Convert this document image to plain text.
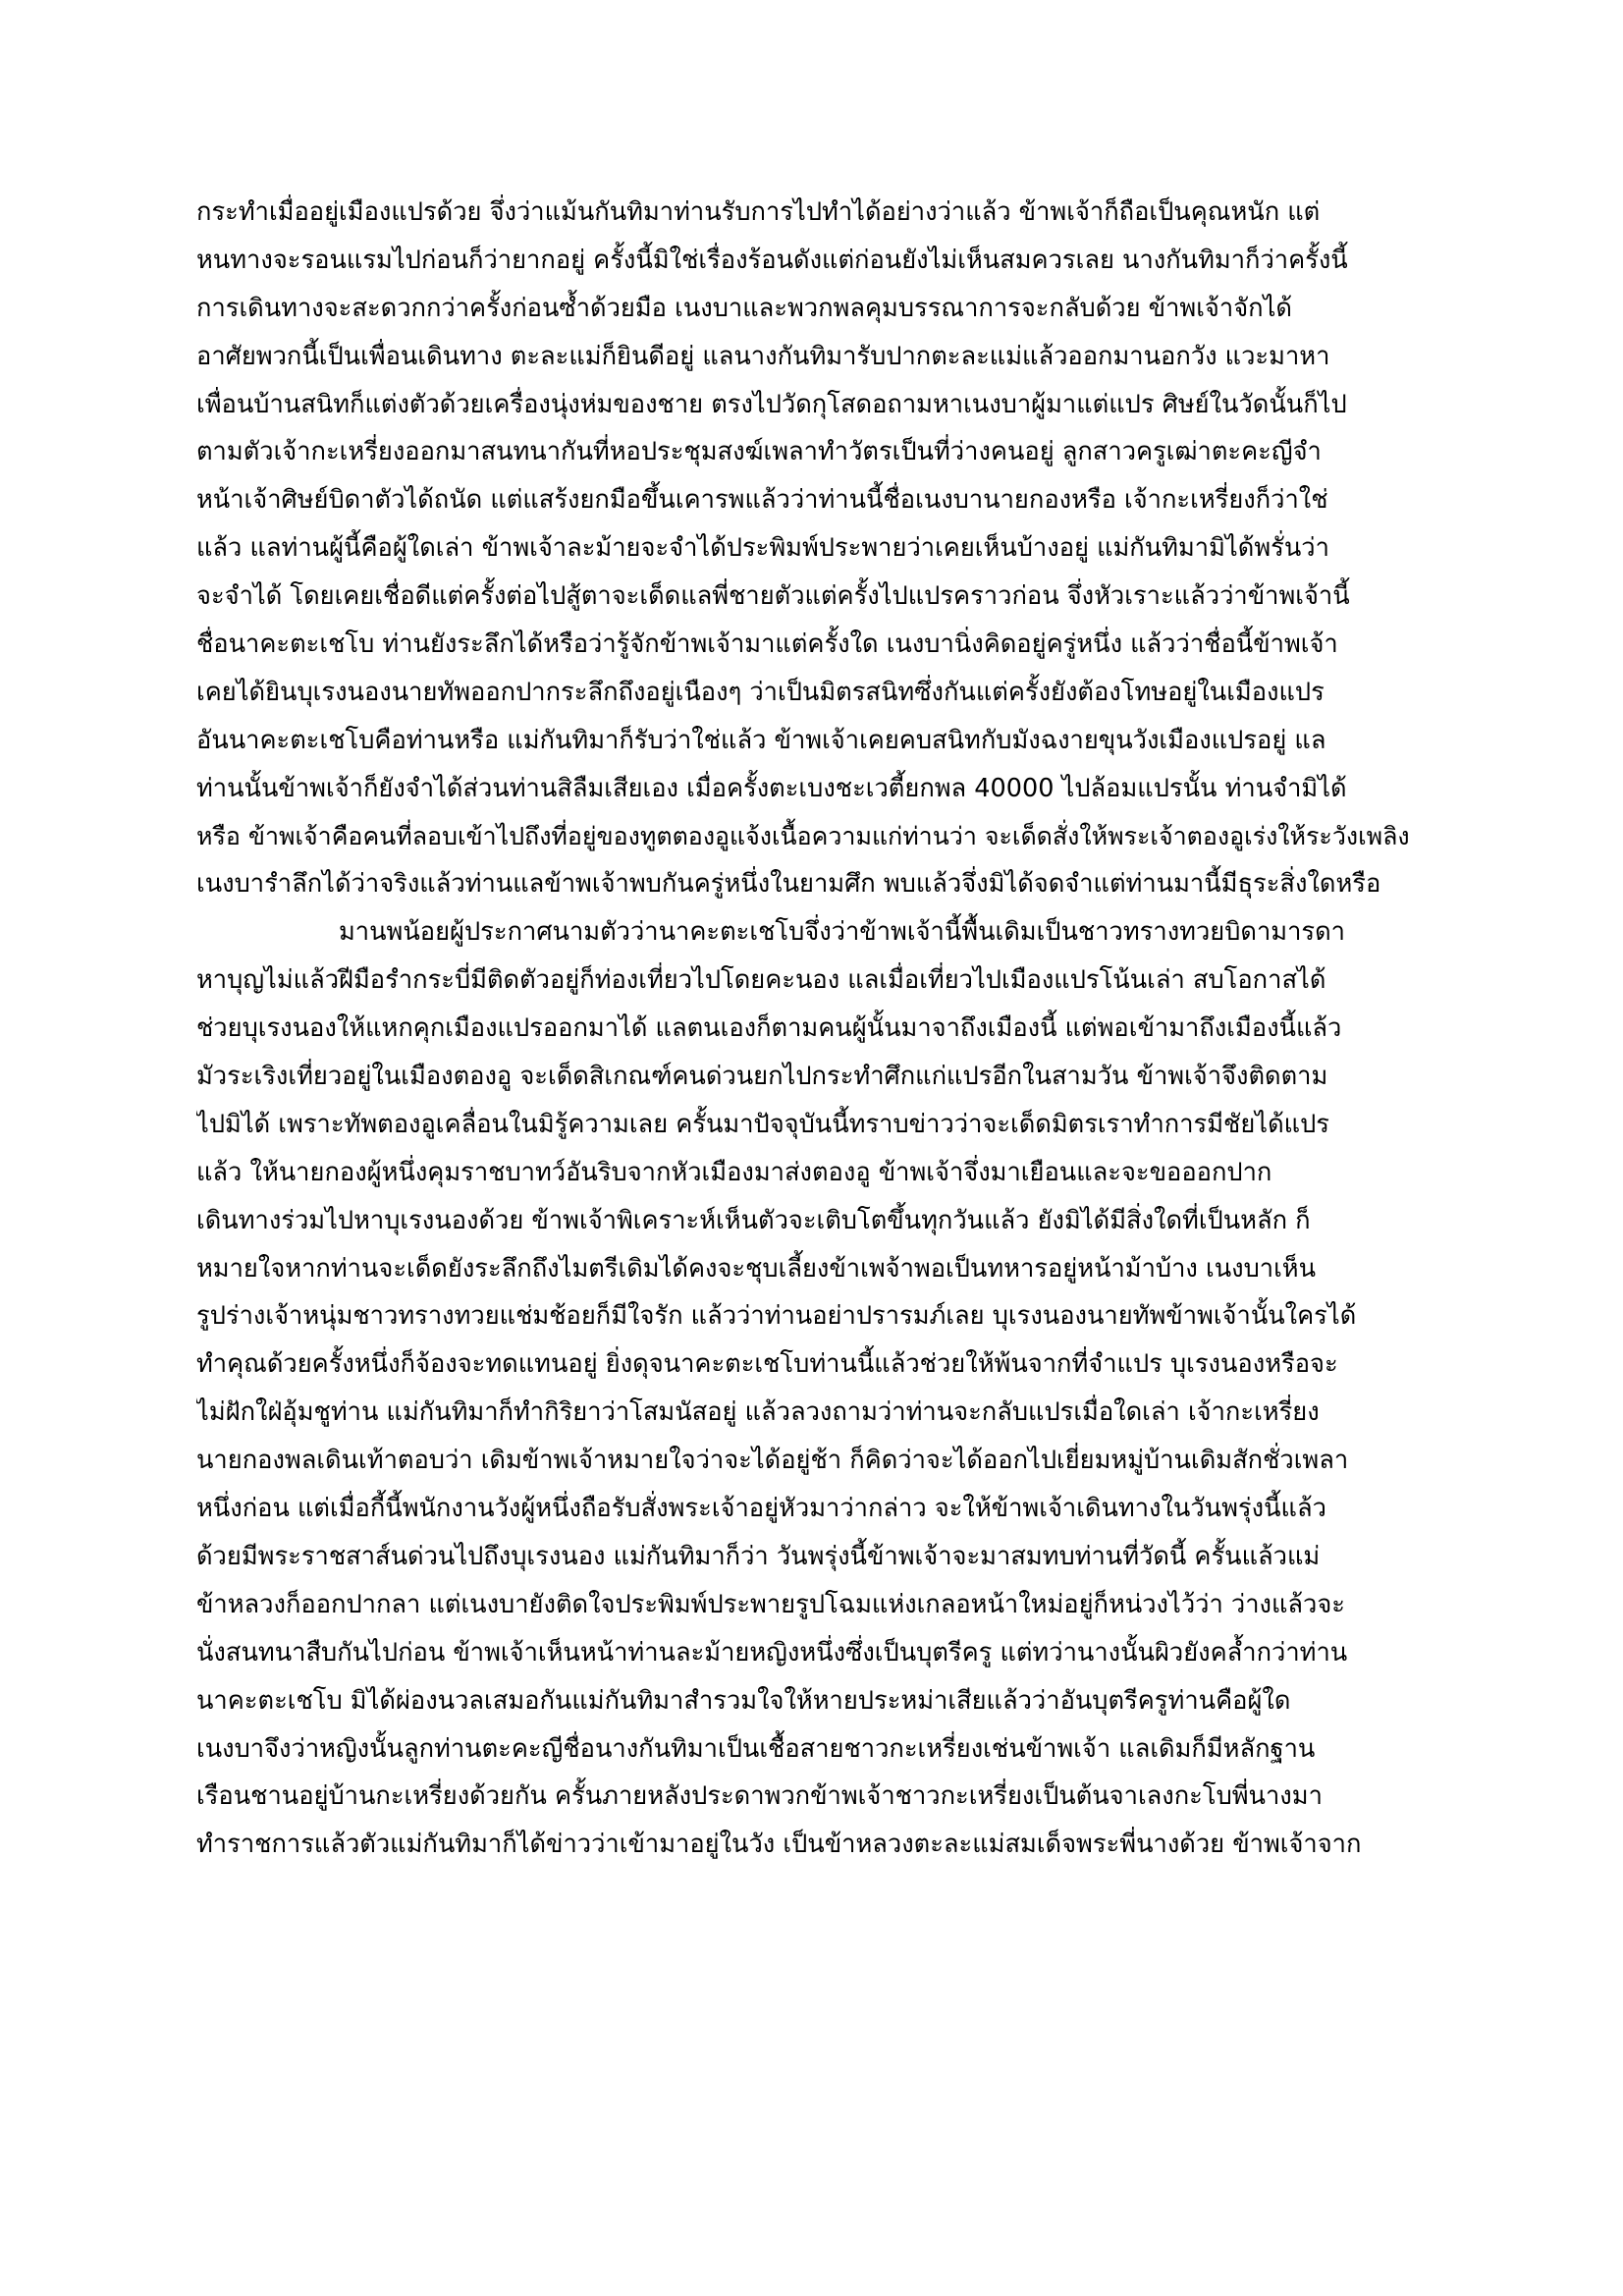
กระทำเมื่ออยู่เมืองแปรด้วย จึ่งว่าแม้นกันทิมาท่านรับการไปทำได้อย่างว่าแล้ว ข้าพเจ้าก็ถือเป็นคุณหนัก แต่
หนทางจะรอนแรมไปก่อนก็ว่ายากอยู่ ครั้งนี้มิใช่เรื่องร้อนดังแต่ก่อนยังไม่เห็นสมควรเลย นางกันทิมาก็ว่าครั้งนี้
การเดินทางจะสะดวกกว่าครั้งก่อนซ้ำด้วยมือ เนงบาและพวกพลคุมบรรณาการจะกลับด้วย ข้าพเจ้าจักได้
อาศัยพวกนี้เป็นเพื่อนเดินทาง ตะละแม่ก็ยินดีอยู่ แลนางกันทิมารับปากตะละแม่แล้วออกมานอกวัง แวะมาหา
เพื่อนบ้านสนิทก็แต่งตัวด้วยเครื่องนุ่งห่มของชาย ตรงไปวัดกุโสดอถามหาเนงบาผู้มาแต่แปร ศิษย์ในวัดนั้นก็ไป
ตามตัวเจ้ากะเหรี่ยงออกมาสนทนากันที่หอประชุมสงฆ์เพลาทำวัตรเป็นที่ว่างคนอยู่ ลูกสาวครูเฒ่าตะคะญีจำ
หน้าเจ้าศิษย์บิดาตัวได้ถนัด แต่แสร้งยกมือขึ้นเคารพแล้วว่าท่านนี้ชื่อเนงบานายกองหรือ เจ้ากะเหรี่ยงก็ว่าใช่
แล้ว แลท่านผู้นี้คือผู้ใดเล่า ข้าพเจ้าละม้ายจะจำได้ประพิมพ์ประพายว่าเคยเห็นบ้างอยู่ แม่กันทิมามิได้พรั่นว่า
จะจำได้ โดยเคยเชื่อดีแต่ครั้งต่อไปสู้ตาจะเด็ดแลพี่ชายตัวแต่ครั้งไปแปรคราวก่อน จึ่งหัวเราะแล้วว่าข้าพเจ้านี้
ชื่อนาคะตะเชโบ ท่านยังระลึกได้หรือว่ารู้จักข้าพเจ้ามาแต่ครั้งใด เนงบานิ่งคิดอยู่ครู่หนึ่ง แล้วว่าชื่อนี้ข้าพเจ้า
เคยได้ยินบุเรงนองนายทัพออกปากระลึกถึงอยู่เนืองๆ ว่าเป็นมิตรสนิทซึ่งกันแต่ครั้งยังต้องโทษอยู่ในเมืองแปร
อันนาคะตะเชโบคือท่านหรือ แม่กันทิมาก็รับว่าใช่แล้ว ข้าพเจ้าเคยคบสนิทกับมังฉงายขุนวังเมืองแปรอยู่ แล
ท่านนั้นข้าพเจ้าก็ยังจำได้ส่วนท่านสิลืมเสียเอง เมื่อครั้งตะเบงชะเวตี้ยกพล 40000 ไปล้อมแปรนั้น ท่านจำมิได้
หรือ ข้าพเจ้าคือคนที่ลอบเข้าไปถึงที่อยู่ของทูตตองอูแจ้งเนื้อความแก่ท่านว่า จะเด็ดสั่งให้พระเจ้าตองอูเร่งให้ระวังเพลิง
เนงบารำลึกได้ว่าจริงแล้วท่านแลข้าพเจ้าพบกันครู่หนึ่งในยามศึก พบแล้วจึ่งมิได้จดจำแต่ท่านมานี้มีธุระสิ่งใดหรือ
มานพน้อยผู้ประกาศนามตัวว่านาคะตะเชโบจึ่งว่าข้าพเจ้านี้พื้นเดิมเป็นชาวทรางทวยบิดามารดา
หาบุญไม่แล้วฝีมือรำกระบี่มีติดตัวอยู่ก็ท่องเที่ยวไปโดยคะนอง แลเมื่อเที่ยวไปเมืองแปรโน้นเล่า สบโอกาสได้
ช่วยบุเรงนองให้แหกคุกเมืองแปรออกมาได้ แลตนเองก็ตามคนผู้นั้นมาจาถึงเมืองนี้ แต่พอเข้ามาถึงเมืองนี้แล้ว
มัวระเริงเที่ยวอยู่ในเมืองตองอู จะเด็ดสิเกณฑ์คนด่วนยกไปกระทำศึกแก่แปรอีกในสามวัน ข้าพเจ้าจึงติดตาม
ไปมิได้ เพราะทัพตองอูเคลื่อนในมิรู้ความเลย ครั้นมาปัจจุบันนี้ทราบข่าวว่าจะเด็ดมิตรเราทำการมีชัยได้แปร
แล้ว ให้นายกองผู้หนึ่งคุมราชบาทว์อันริบจากหัวเมืองมาส่งตองอู ข้าพเจ้าจึ่งมาเยือนและจะขอออกปาก
เดินทางร่วมไปหาบุเรงนองด้วย ข้าพเจ้าพิเคราะห์เห็นตัวจะเติบโตขึ้นทุกวันแล้ว ยังมิได้มีสิ่งใดที่เป็นหลัก ก็
หมายใจหากท่านจะเด็ดยังระลึกถึงไมตรีเดิมได้คงจะชุบเลี้ยงข้าเพจ้าพอเป็นทหารอยู่หน้าม้าบ้าง เนงบาเห็น
รูปร่างเจ้าหนุ่มชาวทรางทวยแช่มช้อยก็มีใจรัก แล้วว่าท่านอย่าปรารมภ์เลย บุเรงนองนายทัพข้าพเจ้านั้นใครได้
ทำคุณด้วยครั้งหนึ่งก็จ้องจะทดแทนอยู่ ยิ่งดุจนาคะตะเชโบท่านนี้แล้วช่วยให้พ้นจากที่จำแปร บุเรงนองหรือจะ
ไม่ฝักใฝ่อุ้มชูท่าน แม่กันทิมาก็ทำกิริยาว่าโสมนัสอยู่ แล้วลวงถามว่าท่านจะกลับแปรเมื่อใดเล่า เจ้ากะเหรี่ยง
นายกองพลเดินเท้าตอบว่า เดิมข้าพเจ้าหมายใจว่าจะได้อยู่ช้า ก็คิดว่าจะได้ออกไปเยี่ยมหมู่บ้านเดิมสักชั่วเพลา
หนึ่งก่อน แต่เมื่อกี้นี้พนักงานวังผู้หนึ่งถือรับสั่งพระเจ้าอยู่หัวมาว่ากล่าว จะให้ข้าพเจ้าเดินทางในวันพรุ่งนี้แล้ว
ด้วยมีพระราชสาส์นด่วนไปถึงบุเรงนอง แม่กันทิมาก็ว่า วันพรุ่งนี้ข้าพเจ้าจะมาสมทบท่านที่วัดนี้ ครั้นแล้วแม่
ข้าหลวงก็ออกปากลา แต่เนงบายังติดใจประพิมพ์ประพายรูปโฉมแห่งเกลอหน้าใหม่อยู่ก็หน่วงไว้ว่า ว่างแล้วจะ
นั่งสนทนาสืบกันไปก่อน ข้าพเจ้าเห็นหน้าท่านละม้ายหญิงหนึ่งซึ่งเป็นบุตรีครู แต่ทว่านางนั้นผิวยังคล้ำกว่าท่าน
นาคะตะเชโบ มิได้ผ่องนวลเสมอกันแม่กันทิมาสำรวมใจให้หายประหม่าเสียแล้วว่าอันบุตรีครูท่านคือผู้ใด
เนงบาจึงว่าหญิงนั้นลูกท่านตะคะญีชื่อนางกันทิมาเป็นเชื้อสายชาวกะเหรี่ยงเช่นข้าพเจ้า แลเดิมก็มีหลักฐาน
เรือนชานอยู่บ้านกะเหรี่ยงด้วยกัน ครั้นภายหลังประดาพวกข้าพเจ้าชาวกะเหรี่ยงเป็นต้นจาเลงกะโบพี่นางมา
ทำราชการแล้วตัวแม่กันทิมาก็ได้ข่าวว่าเข้ามาอยู่ในวัง เป็นข้าหลวงตะละแม่สมเด็จพระพี่นางด้วย ข้าพเจ้าจาก
